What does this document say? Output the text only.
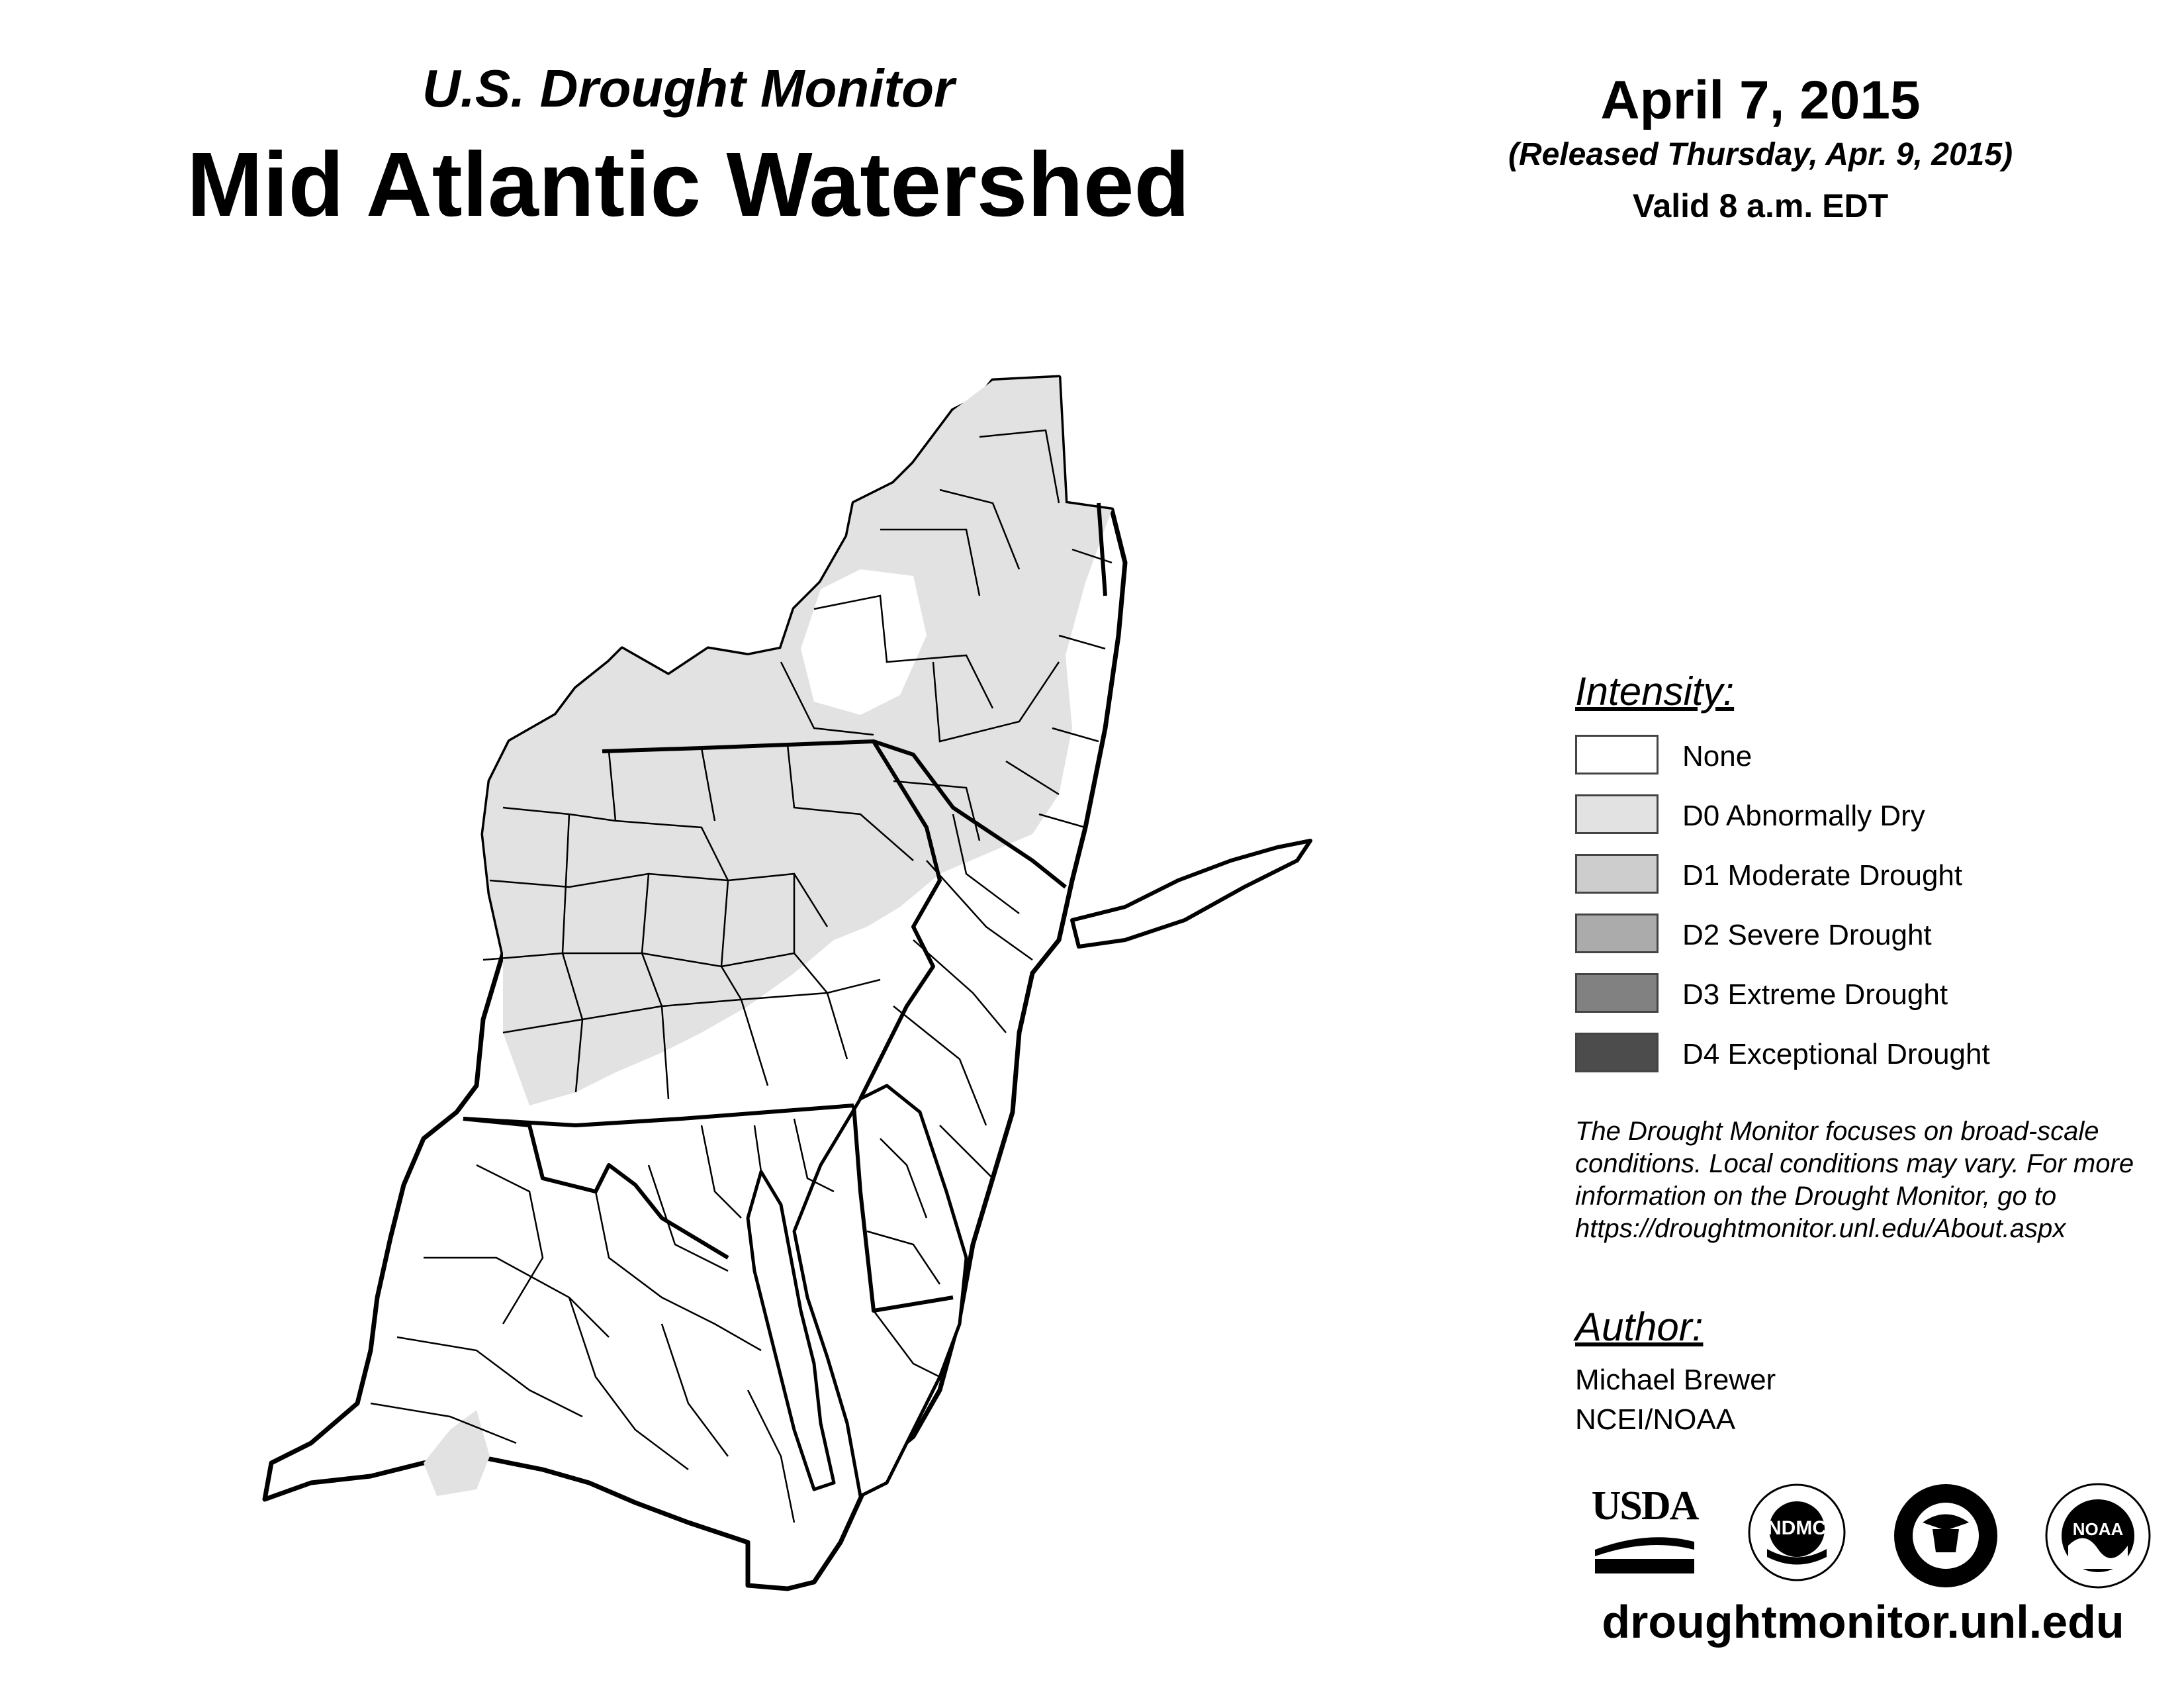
U.S. Drought Monitor
Mid Atlantic Watershed
April 7, 2015
(Released Thursday, Apr. 9, 2015)
Valid 8 a.m. EDT
Intensity:
None
D0 Abnormally Dry
D1 Moderate Drought
D2 Severe Drought
D3 Extreme Drought
D4 Exceptional Drought
The Drought Monitor focuses on broad-scale conditions. Local conditions may vary. For more information on the Drought Monitor, go to https://droughtmonitor.unl.edu/About.aspx
Author:
Michael Brewer
NCEI/NOAA
USDA	NDMC	NOAA
droughtmonitor.unl.edu
